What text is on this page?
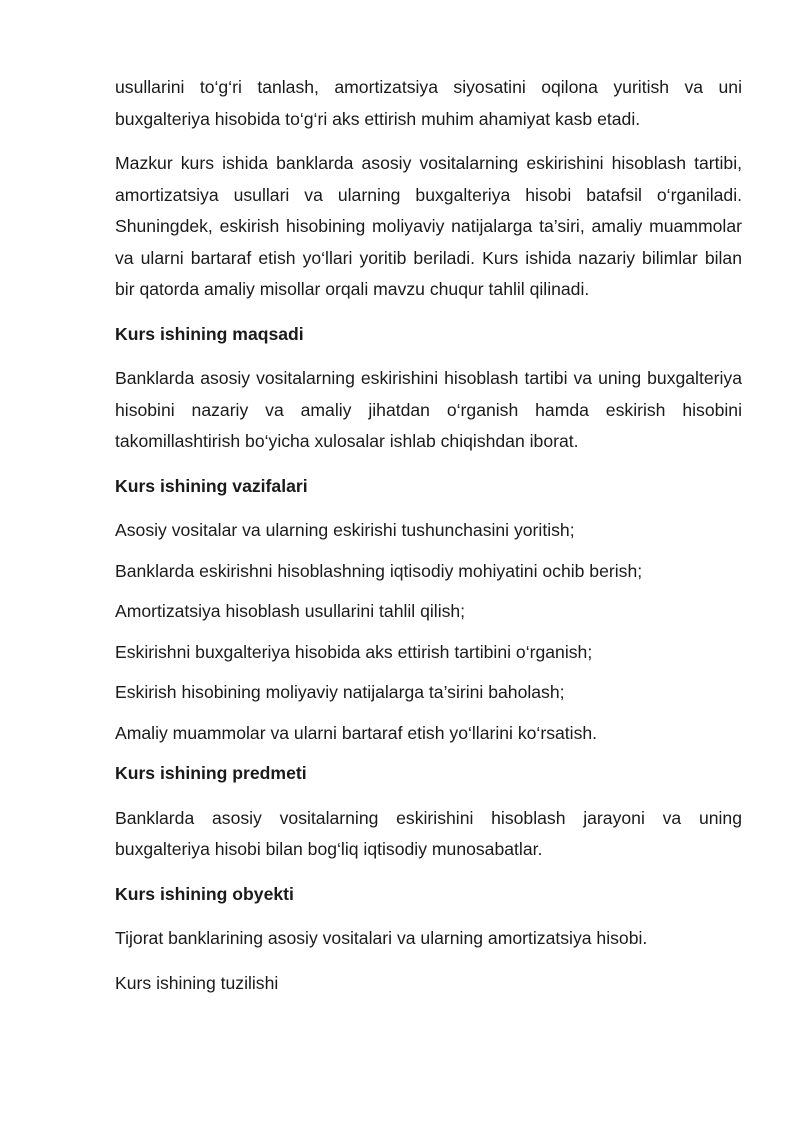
usullarini to‘g‘ri tanlash, amortizatsiya siyosatini oqilona yuritish va uni buxgalteriya hisobida to‘g‘ri aks ettirish muhim ahamiyat kasb etadi.

Mazkur kurs ishida banklarda asosiy vositalarning eskirishini hisoblash tartibi, amortizatsiya usullari va ularning buxgalteriya hisobi batafsil o‘rganiladi. Shuningdek, eskirish hisobining moliyaviy natijalarga ta’siri, amaliy muammolar va ularni bartaraf etish yo‘llari yoritib beriladi. Kurs ishida nazariy bilimlar bilan bir qatorda amaliy misollar orqali mavzu chuqur tahlil qilinadi.

Kurs ishining maqsadi

Banklarda asosiy vositalarning eskirishini hisoblash tartibi va uning buxgalteriya hisobini nazariy va amaliy jihatdan o‘rganish hamda eskirish hisobini takomillashtirish bo‘yicha xulosalar ishlab chiqishdan iborat.

Kurs ishining vazifalari

Asosiy vositalar va ularning eskirishi tushunchasini yoritish;

Banklarda eskirishni hisoblashning iqtisodiy mohiyatini ochib berish;

Amortizatsiya hisoblash usullarini tahlil qilish;

Eskirishni buxgalteriya hisobida aks ettirish tartibini o‘rganish;

Eskirish hisobining moliyaviy natijalarga ta’sirini baholash;

Amaliy muammolar va ularni bartaraf etish yo‘llarini ko‘rsatish.

Kurs ishining predmeti

Banklarda asosiy vositalarning eskirishini hisoblash jarayoni va uning buxgalteriya hisobi bilan bog‘liq iqtisodiy munosabatlar.

Kurs ishining obyekti

Tijorat banklarining asosiy vositalari va ularning amortizatsiya hisobi.

Kurs ishining tuzilishi
